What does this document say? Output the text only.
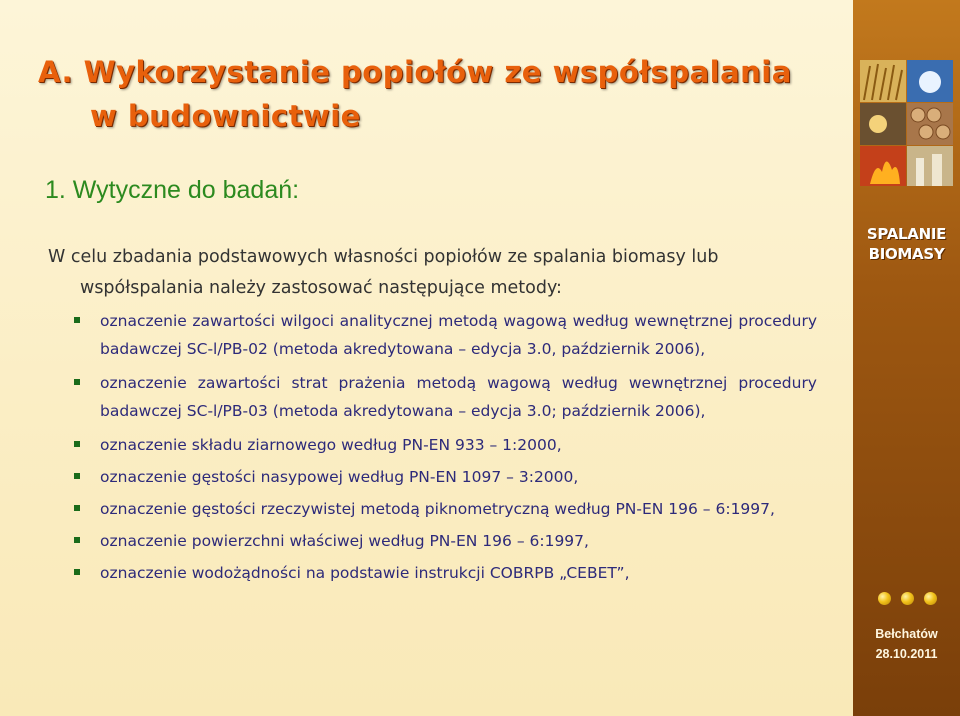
A. Wykorzystanie popiołów ze współspalania
w budownictwie
1. Wytyczne do badań:
W celu zbadania podstawowych własności popiołów ze spalania biomasy lub
współspalania należy zastosować następujące metody:
oznaczenie zawartości wilgoci analitycznej metodą wagową według wewnętrznej procedury badawczej SC-l/PB-02 (metoda akredytowana – edycja 3.0, październik 2006),
oznaczenie zawartości strat prażenia metodą wagową według wewnętrznej procedury badawczej SC-l/PB-03 (metoda akredytowana – edycja 3.0; październik 2006),
oznaczenie składu ziarnowego według PN-EN 933 – 1:2000,
oznaczenie gęstości nasypowej według PN-EN 1097 – 3:2000,
oznaczenie gęstości rzeczywistej metodą piknometryczną według PN-EN 196 – 6:1997,
oznaczenie powierzchni właściwej według PN-EN 196 – 6:1997,
oznaczenie wodożądności na podstawie instrukcji COBRPB „CEBET”,
SPALANIE
BIOMASY
Bełchatów
28.10.2011
